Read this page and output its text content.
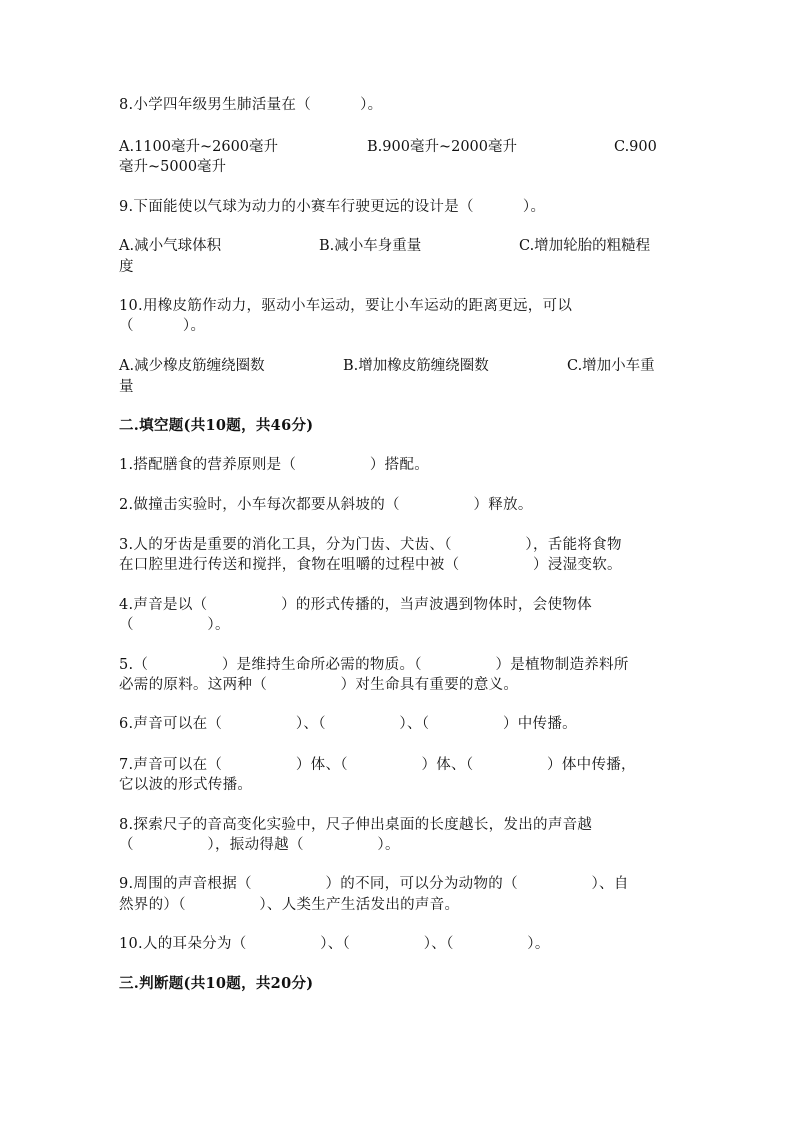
8.小学四年级男生肺活量在（          ）。
A.1100毫升~2600毫升	B.900毫升~2000毫升	C.900
毫升~5000毫升
9.下面能使以气球为动力的小赛车行驶更远的设计是（          ）。
A.减小气球体积	B.减小车身重量	C.增加轮胎的粗糙程
度
10.用橡皮筋作动力，驱动小车运动，要让小车运动的距离更远，可以
（          ）。
A.减少橡皮筋缠绕圈数	B.增加橡皮筋缠绕圈数	C.增加小车重
量
二.填空题(共10题，共46分)
1.搭配膳食的营养原则是（               ）搭配。
2.做撞击实验时，小车每次都要从斜坡的（               ）释放。
3.人的牙齿是重要的消化工具，分为门齿、犬齿、（               ），舌能将食物
在口腔里进行传送和搅拌，食物在咀嚼的过程中被（               ）浸湿变软。
4.声音是以（               ）的形式传播的，当声波遇到物体时，会使物体
（               ）。
5.（               ）是维持生命所必需的物质。（               ）是植物制造养料所
必需的原料。这两种（               ）对生命具有重要的意义。
6.声音可以在（               ）、（               ）、（               ）中传播。
7.声音可以在（               ）体、（               ）体、（               ）体中传播，
它以波的形式传播。
8.探索尺子的音高变化实验中，尺子伸出桌面的长度越长，发出的声音越
（               ），振动得越（               ）。
9.周围的声音根据（               ）的不同，可以分为动物的（               ）、自
然界的）（               ）、人类生产生活发出的声音。
10.人的耳朵分为（               ）、（               ）、（               ）。
三.判断题(共10题，共20分)
